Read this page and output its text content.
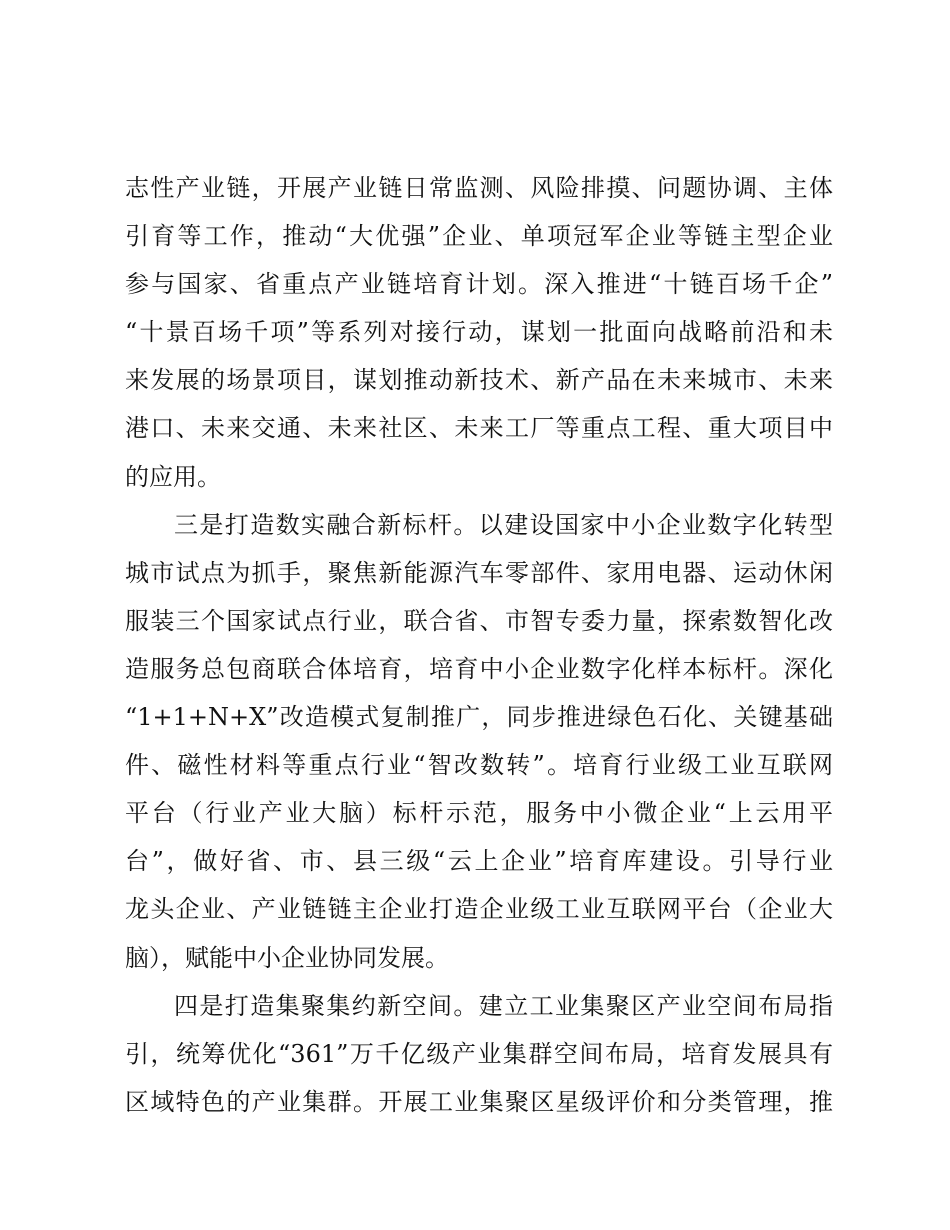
志性产业链，开展产业链日常监测、风险排摸、问题协调、主体
引育等工作，推动“大优强”企业、单项冠军企业等链主型企业
参与国家、省重点产业链培育计划。深入推进“十链百场千企”
“十景百场千项”等系列对接行动，谋划一批面向战略前沿和未
来发展的场景项目，谋划推动新技术、新产品在未来城市、未来
港口、未来交通、未来社区、未来工厂等重点工程、重大项目中
的应用。
三是打造数实融合新标杆。以建设国家中小企业数字化转型
城市试点为抓手，聚焦新能源汽车零部件、家用电器、运动休闲
服装三个国家试点行业，联合省、市智专委力量，探索数智化改
造服务总包商联合体培育，培育中小企业数字化样本标杆。深化
“1+1+N+X”改造模式复制推广，同步推进绿色石化、关键基础
件、磁性材料等重点行业“智改数转”。培育行业级工业互联网
平台（行业产业大脑）标杆示范，服务中小微企业“上云用平
台”，做好省、市、县三级“云上企业”培育库建设。引导行业
龙头企业、产业链链主企业打造企业级工业互联网平台（企业大
脑），赋能中小企业协同发展。
四是打造集聚集约新空间。建立工业集聚区产业空间布局指
引，统筹优化“361”万千亿级产业集群空间布局，培育发展具有
区域特色的产业集群。开展工业集聚区星级评价和分类管理，推
